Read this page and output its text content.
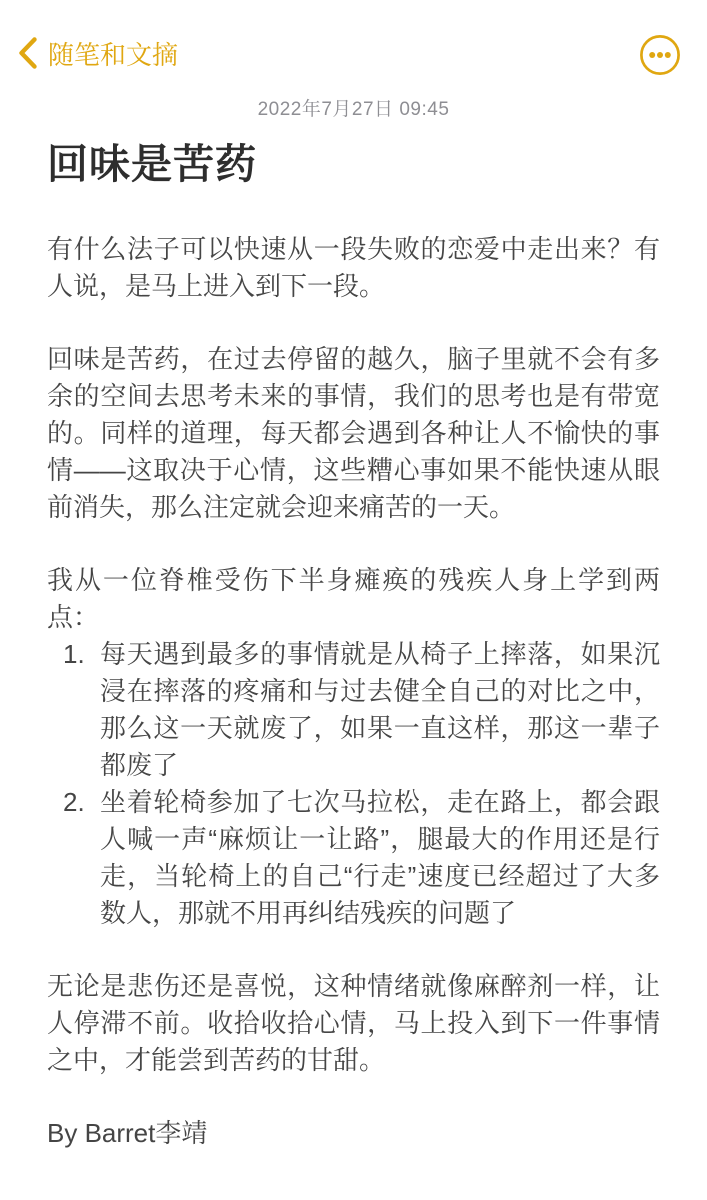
随笔和文摘
2022年7月27日 09:45
回味是苦药

有什么法子可以快速从一段失败的恋爱中走出来？有人说，是马上进入到下一段。

回味是苦药，在过去停留的越久，脑子里就不会有多余的空间去思考未来的事情，我们的思考也是有带宽的。同样的道理，每天都会遇到各种让人不愉快的事情——这取决于心情，这些糟心事如果不能快速从眼前消失，那么注定就会迎来痛苦的一天。

我从一位脊椎受伤下半身瘫痪的残疾人身上学到两点：

1. 每天遇到最多的事情就是从椅子上摔落，如果沉浸在摔落的疼痛和与过去健全自己的对比之中，那么这一天就废了，如果一直这样，那这一辈子都废了
2. 坐着轮椅参加了七次马拉松，走在路上，都会跟人喊一声“麻烦让一让路”，腿最大的作用还是行走，当轮椅上的自己“行走”速度已经超过了大多数人，那就不用再纠结残疾的问题了

无论是悲伤还是喜悦，这种情绪就像麻醉剂一样，让人停滞不前。收拾收拾心情，马上投入到下一件事情之中，才能尝到苦药的甘甜。

By Barret李靖
